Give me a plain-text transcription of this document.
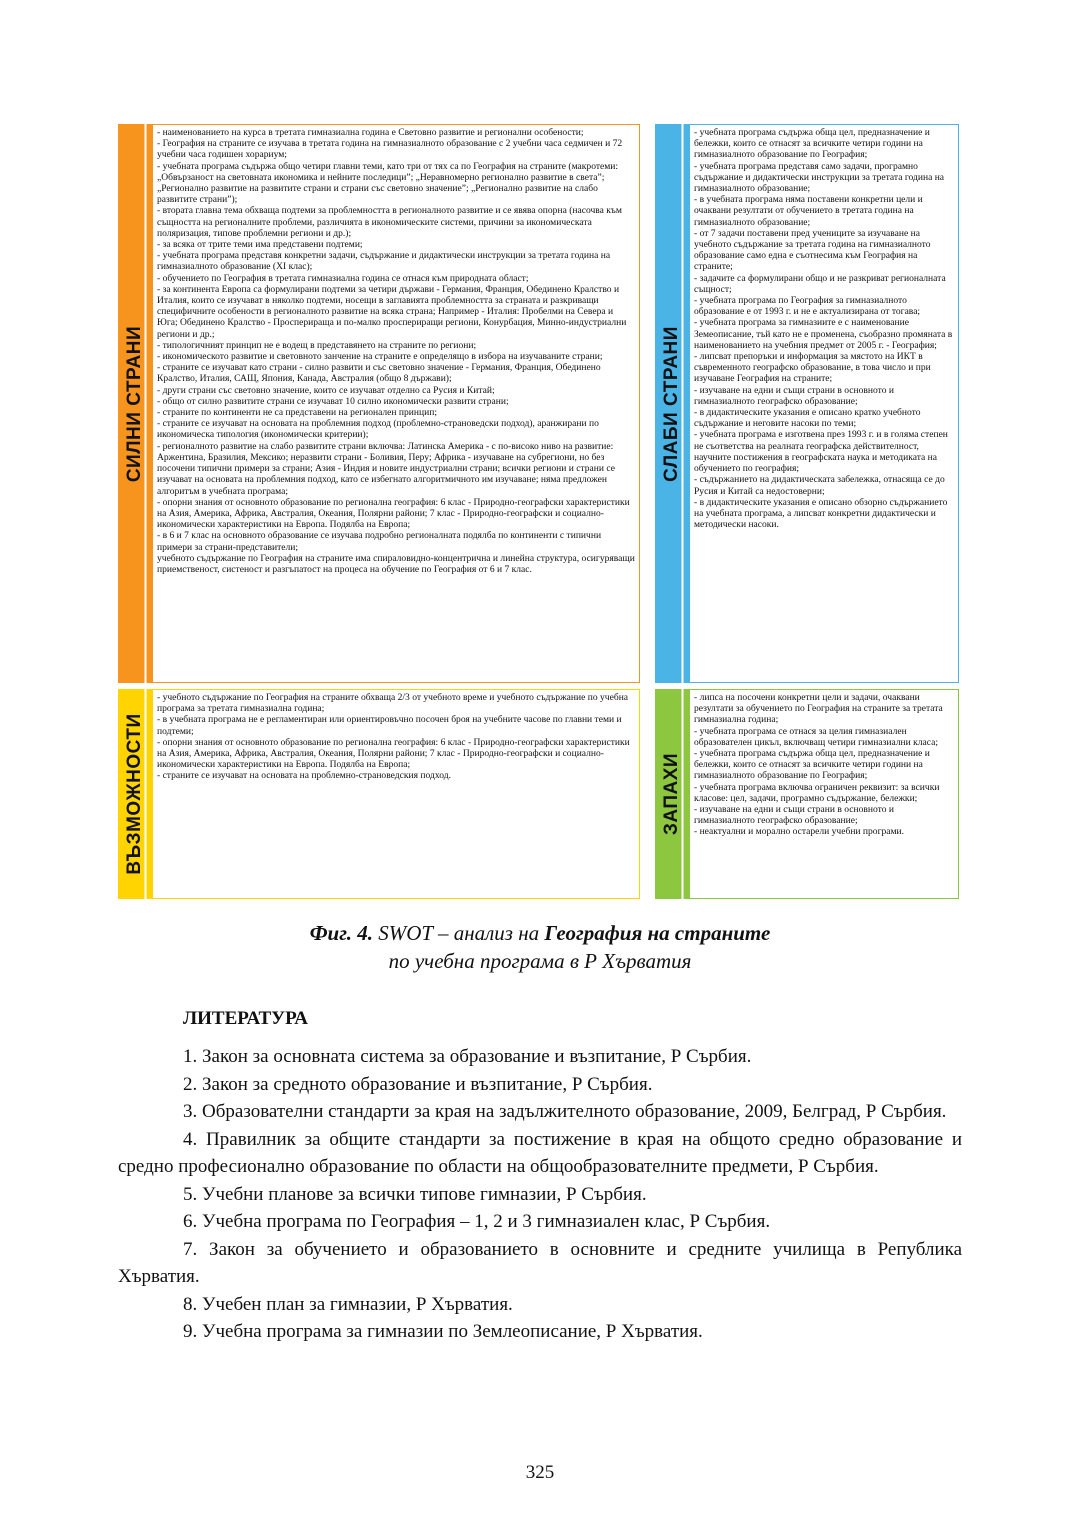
СИЛНИ СТРАНИ

- наименованието на курса в третата гимназиална година е Световно развитие и регионални особености;

- География на страните се изучава в третата година на гимназиалното образование с 2 учебни часа седмичен и 72 учебни часа годишен хорариум;

- учебната програма съдържа общо четири главни теми, като три от тях са по География на страните (макротеми: „Обвързаност на световната икономика и нейните последици”; „Неравномерно регионално развитие в света”; „Регионално развитие на развитите страни и страни със световно значение”; „Регионално развитие на слабо развитите страни”);

- втората главна тема обхваща подтеми за проблемността в регионалното развитие и се явява опорна (насочва към същността на регионалните проблеми, различията в икономическите системи, причини за икономическата поляризация, типове проблемни региони и др.);

- за всяка от трите теми има представени подтеми;

- учебната програма представя конкретни задачи, съдържание и дидактически инструкции за третата година на гимназиалното образование (XI клас);

- обучението по География в третата гимназиална година се отнася към природната област;

- за континента Европа са формулирани подтеми за четири държави - Германия, Франция, Обединено Кралство и Италия, които се изучават в няколко подтеми, носещи в заглавията проблемността за страната и разкриващи специфичните особености в регионалното развитие на всяка страна; Например - Италия: Пробелми на Севера и Юга; Обединено Кралство - Просперираща и по-малко проспериращи региони, Конурбация, Минно-индустриални региони и др.;

- типологичният принцип не е водещ в представянето на страните по региони;

- икономическото развитие и световното занчение на страните е определящо в избора на изучаваните страни;

- страните се изучават като страни - силно развити и със световно значение - Германия, Франция, Обединено Кралство, Италия, САЩ, Япония, Канада, Австралия (общо 8 държави);

- други страни със световно значение, които се изучават отделно са Русия и Китай;

- общо от силно развитите страни се изучават 10 силно икономически развити страни;

- страните по континенти не са представени на регионален принцип;

- страните се изучават на основата на проблемния подход (проблемно-страноведски подход), аранжирани по икономическа типология (икономически критерии);

- регионалното развитие на слабо развитите страни включва: Латинска Америка - с по-високо ниво на развитие: Аржентина, Бразилия, Мексико; неразвити страни - Боливия, Перу; Африка - изучаване на субрегиони, но без посочени типични примери за страни; Азия - Индия и новите индустриални страни; всички региони и страни се изучават на основата на проблемния подход, като се избегнато алгоритмичното им изучаване; няма предложен алгоритъм в учебната програма;

- опорни знания от основното образование по регионална география: 6 клас - Природно-географски характеристики на Азия, Америка, Африка, Австралия, Океания, Полярни райони; 7 клас - Природно-географски и социално-икономически характеристики на Европа. Подялба на Европа;

- в 6 и 7 клас на основното образование се изучава подробно регионалната подялба по континенти с типични примери за страни-представители;

учебното съдържание по География на страните има спираловидно-концентрична и линейна структура, осигуряващи приемственост, систеност и разгъпатост на процеса на обучение по География от 6 и 7 клас.

СЛАБИ СТРАНИ

- учебната програма съдържа обща цел, предназначение и бележки, които се отнасят за всичките четири години на гимназиалното образование по География;

- учебната програма представя само задачи, програмно съдържание и дидактически инструкции за третата година на гимназиалното образование;

- в учебната програма няма поставени конкретни цели и очаквани резултати от обучението в третата година на гимназиалното образование;

- от 7 задачи поставени пред учениците за изучаване на учебното съдържание за третата година на гимназиалното образование само една е съотнесима към География на страните;

- задачите са формулирани общо и не разкриват регионалната същност;

- учебната програма по География за гимназиалното образование е от 1993 г. и не е актуализирана от тогава;

- учебната програма за гимназиите е с наименование Земеописание, тъй като не е променена, съобразно промяната в наименованието на учебния предмет от 2005 г. - География;

- липсват препоръки и информация за мястото на ИКТ в съвременното географско образование, в това число и при изучаване География на страните;

- изучаване на едни и същи страни в основното и гимназиалното географско образование;

- в дидактическите указания е описано кратко учебното съдържание и неговите насоки по теми;

- учебната програма е изготвена през 1993 г. и в голяма степен не съответства на реалната географска действителност, научните постижения в географската наука и методиката на обучението по география;

- съдържанието на дидактическата забележка, отнасяща се до Русия и Китай са недостоверни;

- в дидактическите указания е описано обзорно съдържанието на учебната програма, а липсват конкретни дидактически и методически насоки.

ВЪЗМОЖНОСТИ

- учебното съдържание по География на страните обхваща 2/3 от учебното време и учебното съдържание по учебна програма за третата гимназиална година;

- в учебната програма не е регламентиран или ориентировъчно посочен броя на учебните часове по главни теми и подтеми;

- опорни знания от основното образование по регионална география: 6 клас - Природно-географски характеристики на Азия, Америка, Африка, Австралия, Океания, Полярни райони; 7 клас - Природно-географски и социално-икономически характеристики на Европа. Подялба на Европа;

- страните се изучават на основата на проблемно-страноведския подход.	ЗАПАХИ

- липса на посочени конкретни цели и задачи, очаквани резултати за обучението по География на страните за третата гимназиална година;

- учебната програма се отнася за целия гимназиален образователен цикъл, включващ четири гимназиални класа;

- учебната програма съдържа обща цел, предназначение и бележки, които се отнасят за всичките четири години на гимназиалното образование по География;

- учебната програма включва ограничен реквизит: за всички класове: цел, задачи, програмно съдържание, бележки;

- изучаване на едни и същи страни в основното и гимназиалното географско образование;

- неактуални и морално остарели учебни програми.

Фиг. 4. SWOT – анализ на География на страните
по учебна програма в Р Хърватия
ЛИТЕРАТУРА
1. Закон за основната система за образование и възпитание, Р Сърбия.
2. Закон за средното образование и възпитание, Р Сърбия.
3. Образователни стандарти за края на задължителното образование, 2009, Белград, Р Сърбия.
4. Правилник за общите стандарти за постижение в края на общото средно образование и средно професионално образование по области на общообразователните предмети, Р Сърбия.
5. Учебни планове за всички типове гимназии, Р Сърбия.
6. Учебна програма по География – 1, 2 и 3 гимназиален клас, Р Сърбия.
7. Закон за обучението и образованието в основните и средните училища в Република Хърватия.
8. Учебен план за гимназии, Р Хърватия.
9. Учебна програма за гимназии по Землеописание, Р Хърватия.
325
